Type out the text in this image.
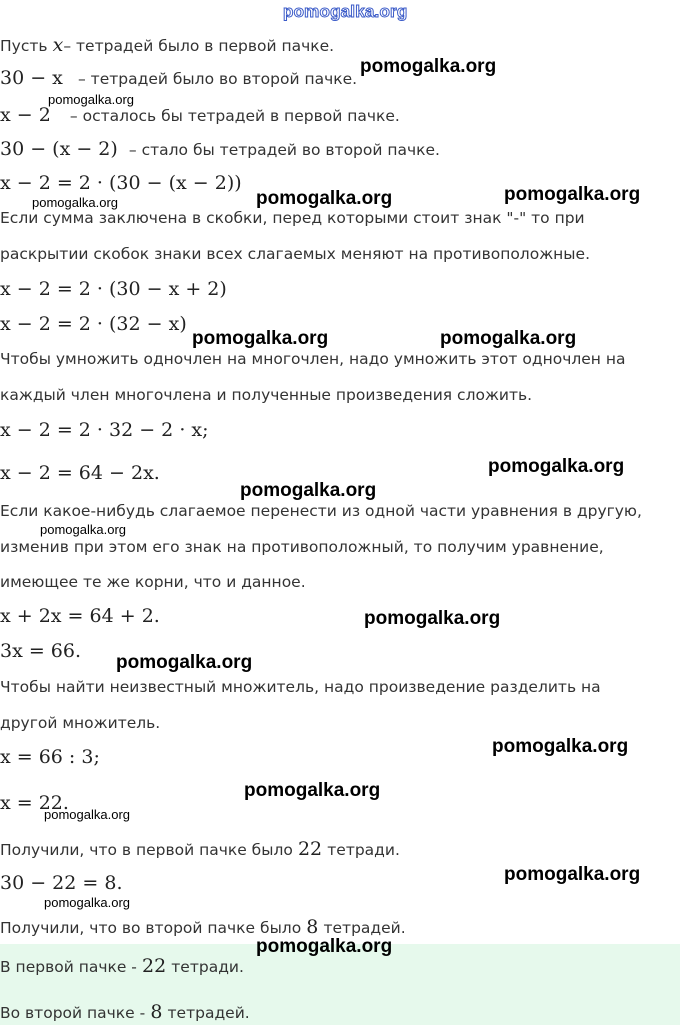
pomogalka.org
Пусть x– тетрадей было в первой пачке.
30 − x – тетрадей было во второй пачке.
pomogalka.org
pomogalka.org
x − 2 – осталось бы тетрадей в первой пачке.
30 − (x − 2) – стало бы тетрадей во второй пачке.
x − 2 = 2 · (30 − (x − 2))
pomogalka.org	pomogalka.org	pomogalka.org
Если сумма заключена в скобки, перед которыми стоит знак "-" то при
раскрытии скобок знаки всех слагаемых меняют на противоположные.
x − 2 = 2 · (30 − x + 2)
x − 2 = 2 · (32 − x)
pomogalka.org	pomogalka.org
Чтобы умножить одночлен на многочлен, надо умножить этот одночлен на
каждый член многочлена и полученные произведения сложить.
x − 2 = 2 · 32 − 2 · x;
x − 2 = 64 − 2x.	pomogalka.org
pomogalka.org
Если какое-нибудь слагаемое перенести из одной части уравнения в другую,
pomogalka.org
изменив при этом его знак на противоположный, то получим уравнение,
имеющее те же корни, что и данное.
x + 2x = 64 + 2.	pomogalka.org
3x = 66.
pomogalka.org
Чтобы найти неизвестный множитель, надо произведение разделить на
другой множитель.
x = 66 : 3;	pomogalka.org
pomogalka.org
x = 22.
pomogalka.org
Получили, что в первой пачке было 22 тетради.
30 − 22 = 8.
pomogalka.org
pomogalka.org
Получили, что во второй пачке было 8 тетрадей.
pomogalka.org
В первой пачке - 22 тетради.
Во второй пачке - 8 тетрадей.
